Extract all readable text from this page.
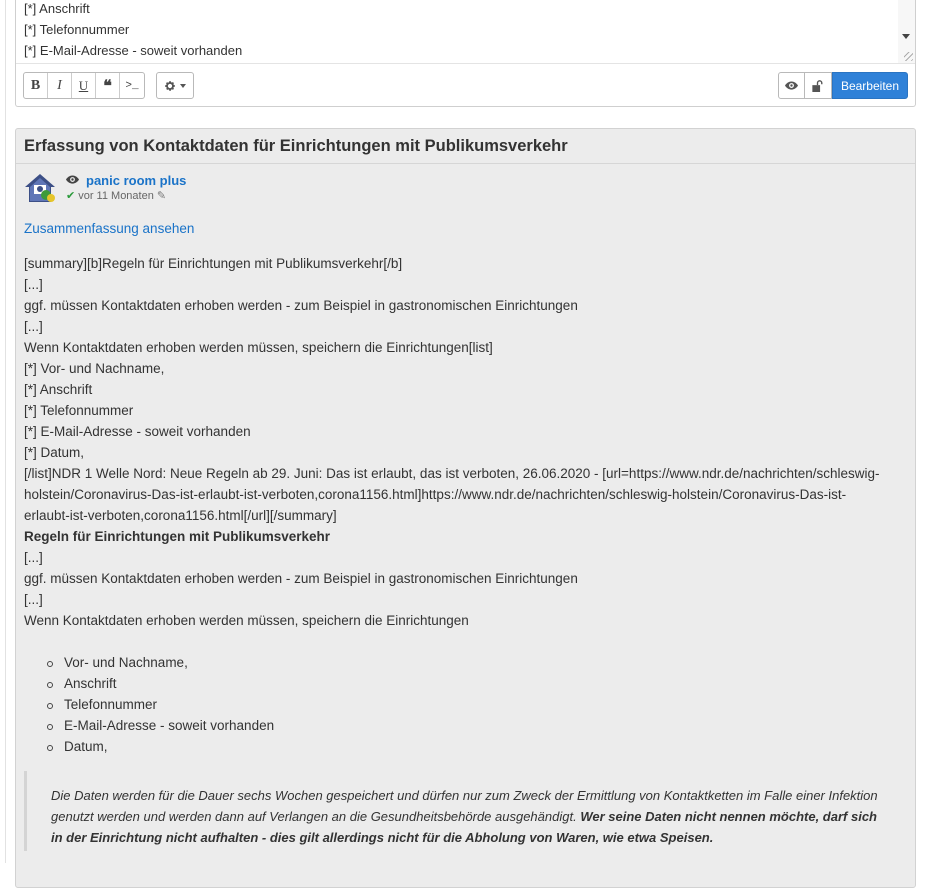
[*] Anschrift
[*] Telefonnummer
[*] E-Mail-Adresse - soweit vorhanden
B	I	U ❝	>_	Bearbeiten
Erfassung von Kontaktdaten für Einrichtungen mit Publikumsverkehr
panic room plus
✔ vor 11 Monaten ✎
Zusammenfassung ansehen
[summary][b]Regeln für Einrichtungen mit Publikumsverkehr[/b]
[...]
ggf. müssen Kontaktdaten erhoben werden - zum Beispiel in gastronomischen Einrichtungen
[...]
Wenn Kontaktdaten erhoben werden müssen, speichern die Einrichtungen[list]
[*] Vor- und Nachname,
[*] Anschrift
[*] Telefonnummer
[*] E-Mail-Adresse - soweit vorhanden
[*] Datum,
[/list]NDR 1 Welle Nord: Neue Regeln ab 29. Juni: Das ist erlaubt, das ist verboten, 26.06.2020 - [url=https://www.ndr.de/nachrichten/schleswig-
holstein/Coronavirus-Das-ist-erlaubt-ist-verboten,corona1156.html]https://www.ndr.de/nachrichten/schleswig-holstein/Coronavirus-Das-ist-
erlaubt-ist-verboten,corona1156.html[/url][/summary]
Regeln für Einrichtungen mit Publikumsverkehr
[...]
ggf. müssen Kontaktdaten erhoben werden - zum Beispiel in gastronomischen Einrichtungen
[...]
Wenn Kontaktdaten erhoben werden müssen, speichern die Einrichtungen
Vor- und Nachname,
Anschrift
Telefonnummer
E-Mail-Adresse - soweit vorhanden
Datum,
Die Daten werden für die Dauer sechs Wochen gespeichert und dürfen nur zum Zweck der Ermittlung von Kontaktketten im Falle einer Infektion genutzt werden und werden dann auf Verlangen an die Gesundheitsbehörde ausgehändigt. Wer seine Daten nicht nennen möchte, darf sich in der Einrichtung nicht aufhalten - dies gilt allerdings nicht für die Abholung von Waren, wie etwa Speisen.
